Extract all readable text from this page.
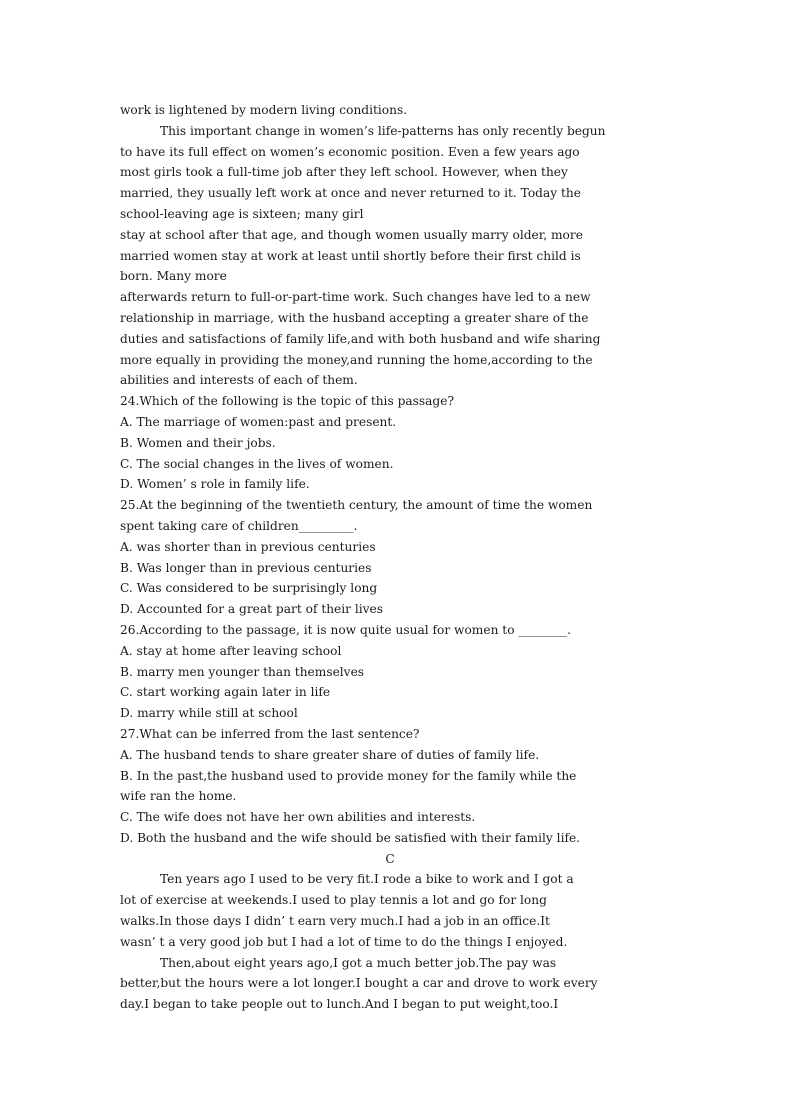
work is lightened by modern living conditions.
This important change in women’s life-patterns has only recently begun
to have its full effect on women’s economic position. Even a few years ago
most girls took a full-time job after they left school. However, when they
married, they usually left work at once and never returned to it. Today the
school-leaving age is sixteen; many girl
stay at school after that age, and though women usually marry older, more
married women stay at work at least until shortly before their first child is
born. Many more
afterwards return to full-or-part-time work. Such changes have led to a new
relationship in marriage, with the husband accepting a greater share of the
duties and satisfactions of family life,and with both husband and wife sharing
more equally in providing the money,and running the home,according to the
abilities and interests of each of them.
24.Which of the following is the topic of this passage?
A. The marriage of women:past and present.
B. Women and their jobs.
C. The social changes in the lives of women.
D. Women’ s role in family life.
25.At the beginning of the twentieth century, the amount of time the women
spent taking care of children_________.
A. was shorter than in previous centuries
B. Was longer than in previous centuries
C. Was considered to be surprisingly long
D. Accounted for a great part of their lives
26.According to the passage, it is now quite usual for women to ________.
A. stay at home after leaving school
B. marry men younger than themselves
C. start working again later in life
D. marry while still at school
27.What can be inferred from the last sentence?
A. The husband tends to share greater share of duties of family life.
B. In the past,the husband used to provide money for the family while the
wife ran the home.
C. The wife does not have her own abilities and interests.
D. Both the husband and the wife should be satisfied with their family life.
C
Ten years ago I used to be very fit.I rode a bike to work and I got a
lot of exercise at weekends.I used to play tennis a lot and go for long
walks.In those days I didn’ t earn very much.I had a job in an office.It
wasn’ t a very good job but I had a lot of time to do the things I enjoyed.
Then,about eight years ago,I got a much better job.The pay was
better,but the hours were a lot longer.I bought a car and drove to work every
day.I began to take people out to lunch.And I began to put weight,too.I
